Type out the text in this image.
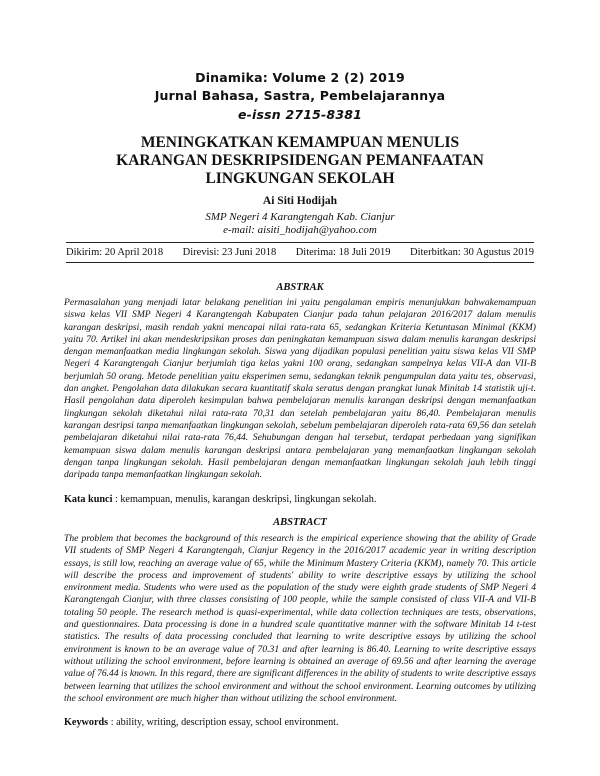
Dinamika: Volume 2 (2) 2019
Jurnal Bahasa, Sastra, Pembelajarannya
e-issn 2715-8381
MENINGKATKAN KEMAMPUAN MENULIS
KARANGAN DESKRIPSIDENGAN PEMANFAATAN
LINGKUNGAN SEKOLAH
Ai Siti Hodijah
SMP Negeri 4 Karangtengah Kab. Cianjur
e-mail: aisiti_hodijah@yahoo.com
Dikirim: 20 April 2018 Direvisi: 23 Juni 2018 Diterima: 18 Juli 2019 Diterbitkan: 30 Agustus 2019
ABSTRAK

Permasalahan yang menjadi latar belakang penelitian ini yaitu pengalaman empiris menunjukkan bahwakemampuan siswa kelas VII SMP Negeri 4 Karangtengah Kabupaten Cianjur pada tahun pelajaran 2016/2017 dalam menulis karangan deskripsi, masih rendah yakni mencapai nilai rata-rata 65, sedangkan Kriteria Ketuntasan Minimal (KKM) yaitu 70. Artikel ini akan mendeskripsikan proses dan peningkatan kemampuan siswa dalam menulis karangan deskripsi dengan memanfaatkan media lingkungan sekolah. Siswa yang dijadikan populasi penelitian yaitu siswa kelas VII SMP Negeri 4 Karangtengah Cianjur berjumlah tiga kelas yakni 100 orang, sedangkan sampelnya kelas VII-A dan VII-B berjumlah 50 orang. Metode penelitian yaitu eksperimen semu, sedangkan teknik pengumpulan data yaitu tes, observasi, dan angket. Pengolahan data dilakukan secara kuantitatif skala seratus dengan prangkat lunak Minitab 14 statistik uji-t. Hasil pengolahan data diperoleh kesimpulan bahwa pembelajaran menulis karangan deskripsi dengan memanfaatkan lingkungan sekolah diketahui nilai rata-rata 70,31 dan setelah pembelajaran yaitu 86,40. Pembelajaran menulis karangan desripsi tanpa memanfaatkan lingkungan sekolah, sebelum pembelajaran diperoleh rata-rata 69,56 dan setelah pembelajaran diketahui nilai rata-rata 76,44. Sehubungan dengan hal tersebut, terdapat perbedaan yang signifikan kemampuan siswa dalam menulis karangan deskripsi antara pembelajaran yang memanfaatkan lingkungan sekolah dengan tanpa lingkungan sekolah. Hasil pembelajaran dengan memanfaatkan lingkungan sekolah jauh lebih tinggi daripada tanpa memanfaatkan lingkungan sekolah.

Kata kunci : kemampuan, menulis, karangan deskripsi, lingkungan sekolah.
ABSTRACT

The problem that becomes the background of this research is the empirical experience showing that the ability of Grade VII students of SMP Negeri 4 Karangtengah, Cianjur Regency in the 2016/2017 academic year in writing description essays, is still low, reaching an average value of 65, while the Minimum Mastery Criteria (KKM), namely 70. This article will describe the process and improvement of students' ability to write descriptive essays by utilizing the school environment media. Students who were used as the population of the study were eighth grade students of SMP Negeri 4 Karangtengah Cianjur, with three classes consisting of 100 people, while the sample consisted of class VII-A and VII-B totaling 50 people. The research method is quasi-experimental, while data collection techniques are tests, observations, and questionnaires. Data processing is done in a hundred scale quantitative manner with the software Minitab 14 t-test statistics. The results of data processing concluded that learning to write descriptive essays by utilizing the school environment is known to be an average value of 70.31 and after learning is 86.40. Learning to write descriptive essays without utilizing the school environment, before learning is obtained an average of 69.56 and after learning the average value of 76.44 is known. In this regard, there are significant differences in the ability of students to write descriptive essays between learning that utilizes the school environment and without the school environment. Learning outcomes by utilizing the school environment are much higher than without utilizing the school environment.

Keywords : ability, writing, description essay, school environment.
